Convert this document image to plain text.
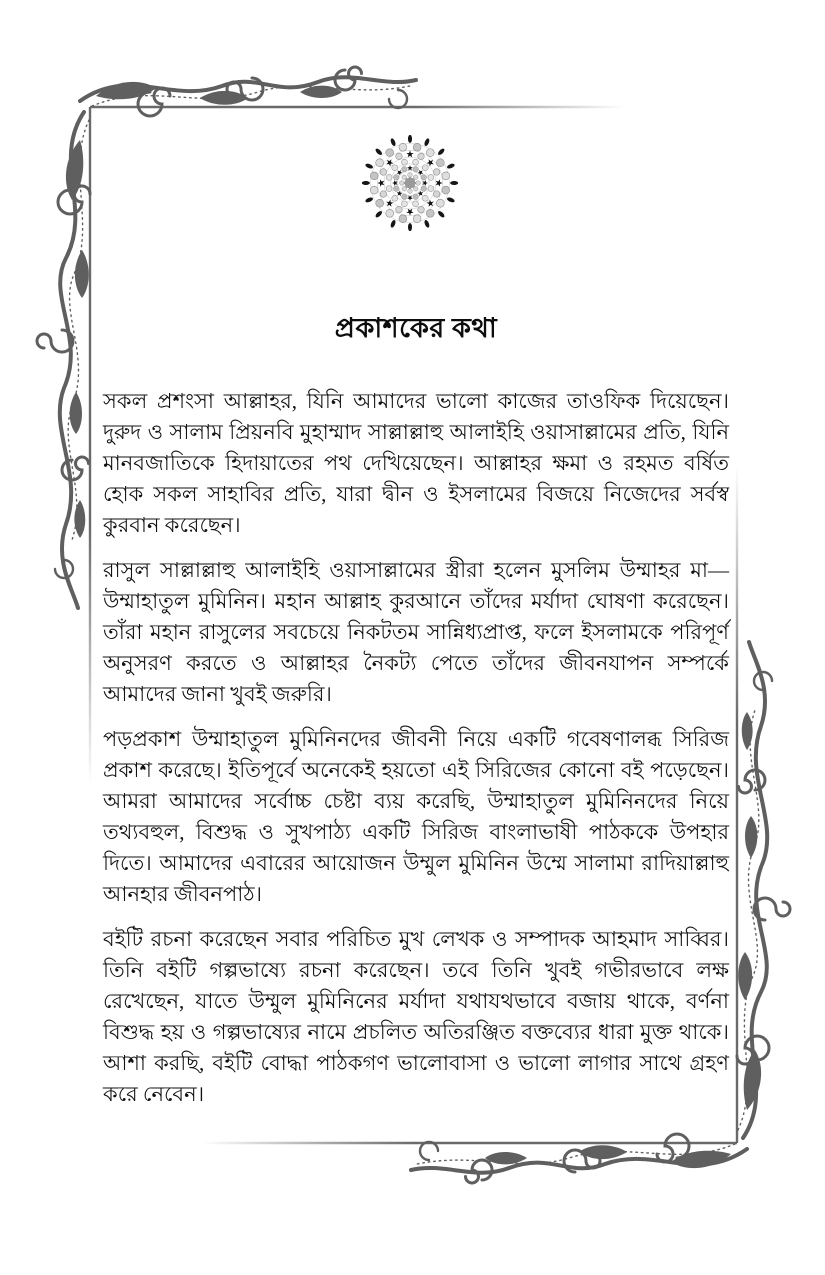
প্রকাশকের কথা

সকল প্রশংসা আল্লাহর, যিনি আমাদের ভালো কাজের তাওফিক দিয়েছেন। দুরুদ ও সালাম প্রিয়নবি মুহাম্মাদ সাল্লাল্লাহু আলাইহি ওয়াসাল্লামের প্রতি, যিনি মানবজাতিকে হিদায়াতের পথ দেখিয়েছেন। আল্লাহর ক্ষমা ও রহমত বর্ষিত হোক সকল সাহাবির প্রতি, যারা দ্বীন ও ইসলামের বিজয়ে নিজেদের সর্বস্ব কুরবান করেছেন।

রাসুল সাল্লাল্লাহু আলাইহি ওয়াসাল্লামের স্ত্রীরা হলেন মুসলিম উম্মাহর মা—উম্মাহাতুল মুমিনিন। মহান আল্লাহ কুরআনে তাঁদের মর্যাদা ঘোষণা করেছেন। তাঁরা মহান রাসুলের সবচেয়ে নিকটতম সান্নিধ্যপ্রাপ্ত, ফলে ইসলামকে পরিপূর্ণ অনুসরণ করতে ও আল্লাহর নৈকট্য পেতে তাঁদের জীবনযাপন সম্পর্কে আমাদের জানা খুবই জরুরি।

পড়প্রকাশ উম্মাহাতুল মুমিনিনদের জীবনী নিয়ে একটি গবেষণালব্ধ সিরিজ প্রকাশ করেছে। ইতিপূর্বে অনেকেই হয়তো এই সিরিজের কোনো বই পড়েছেন। আমরা আমাদের সর্বোচ্চ চেষ্টা ব্যয় করেছি, উম্মাহাতুল মুমিনিনদের নিয়ে তথ্যবহুল, বিশুদ্ধ ও সুখপাঠ্য একটি সিরিজ বাংলাভাষী পাঠককে উপহার দিতে। আমাদের এবারের আয়োজন উম্মুল মুমিনিন উম্মে সালামা রাদিয়াল্লাহু আনহার জীবনপাঠ।

বইটি রচনা করেছেন সবার পরিচিত মুখ লেখক ও সম্পাদক আহমাদ সাব্বির। তিনি বইটি গল্পভাষ্যে রচনা করেছেন। তবে তিনি খুবই গভীরভাবে লক্ষ রেখেছেন, যাতে উম্মুল মুমিনিনের মর্যাদা যথাযথভাবে বজায় থাকে, বর্ণনা বিশুদ্ধ হয় ও গল্পভাষ্যের নামে প্রচলিত অতিরঞ্জিত বক্তব্যের ধারা মুক্ত থাকে। আশা করছি, বইটি বোদ্ধা পাঠকগণ ভালোবাসা ও ভালো লাগার সাথে গ্রহণ করে নেবেন।
